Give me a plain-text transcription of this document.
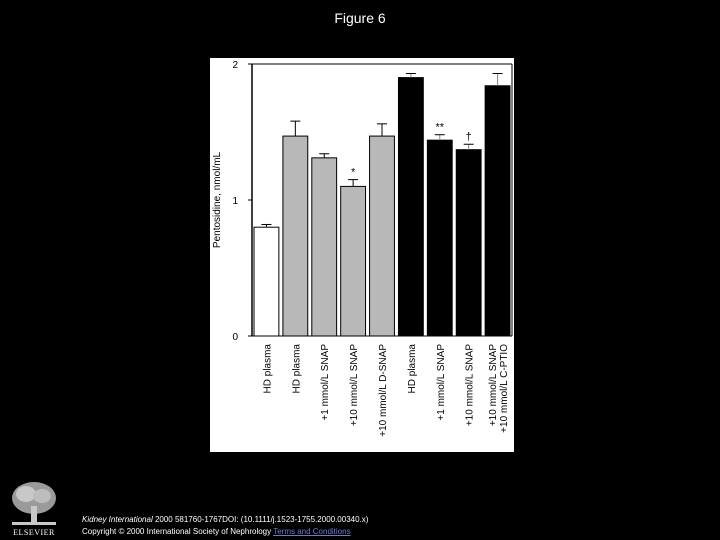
Figure 6
0
1
2
Pentosidine, nmol/mL
HD plasma HD plasma +1 mmol/L SNAP
*
+10 mmol/L SNAP +10 mmol/L D-SNAP HD plasma
**
+1 mmol/L SNAP
†
+10 mmol/L SNAP +10 mmol/L SNAP +10 mmol/L C-PTIO
ELSEVIER
Kidney International 2000 581760-1767DOI: (10.1111/j.1523-1755.2000.00340.x)
Copyright © 2000 International Society of Nephrology Terms and Conditions
